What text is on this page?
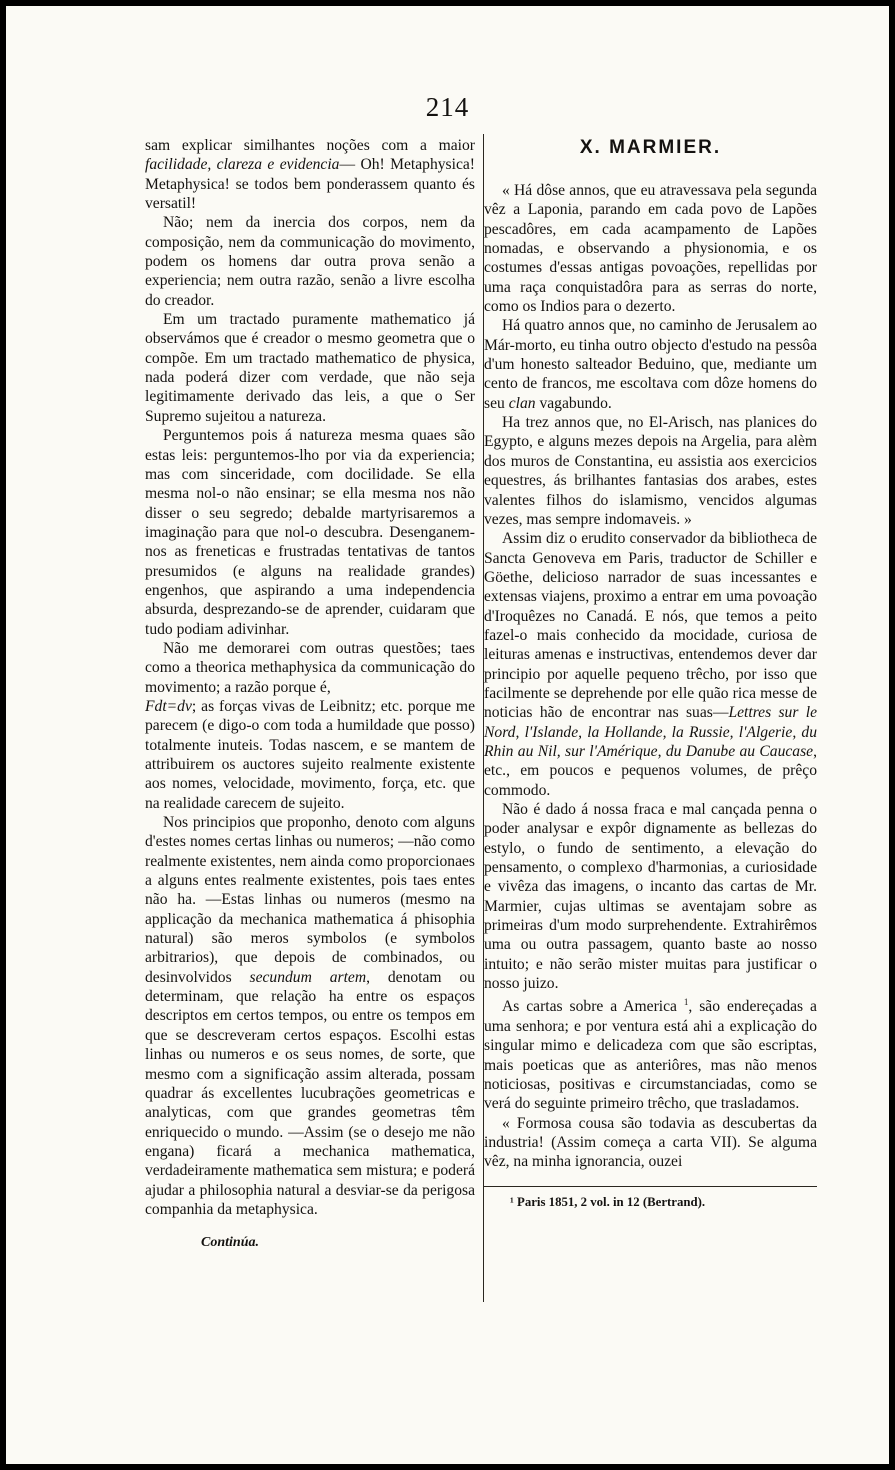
214

sam explicar similhantes noções com a maior facilidade, clareza e evidencia— Oh! Metaphysica! Metaphysica! se todos bem ponderassem quanto és versatil!

Não; nem da inercia dos corpos, nem da composição, nem da communicação do movimento, podem os homens dar outra prova senão a experiencia; nem outra razão, senão a livre escolha do creador.

Em um tractado puramente mathematico já observámos que é creador o mesmo geometra que o compõe. Em um tractado mathematico de physica, nada poderá dizer com verdade, que não seja legitimamente derivado das leis, a que o Ser Supremo sujeitou a natureza.

Perguntemos pois á natureza mesma quaes são estas leis: perguntemos-lho por via da experiencia; mas com sinceridade, com docilidade. Se ella mesma nol-o não ensinar; se ella mesma nos não disser o seu segredo; debalde martyrisaremos a imaginação para que nol-o descubra. Desenganem-nos as freneticas e frustradas tentativas de tantos presumidos (e alguns na realidade grandes) engenhos, que aspirando a uma independencia absurda, desprezando-se de aprender, cuidaram que tudo podiam adivinhar.

Não me demorarei com outras questões; taes como a theorica methaphysica da communicação do movimento; a razão porque é,
Fdt=dv; as forças vivas de Leibnitz; etc. porque me parecem (e digo-o com toda a humildade que posso) totalmente inuteis. Todas nascem, e se mantem de attribuirem os auctores sujeito realmente existente aos nomes, velocidade, movimento, força, etc. que na realidade carecem de sujeito.

Nos principios que proponho, denoto com alguns d'estes nomes certas linhas ou numeros; —não como realmente existentes, nem ainda como proporcionaes a alguns entes realmente existentes, pois taes entes não ha. —Estas linhas ou numeros (mesmo na applicação da mechanica mathematica á phisophia natural) são meros symbolos (e symbolos arbitrarios), que depois de combinados, ou desinvolvidos secundum artem, denotam ou determinam, que relação ha entre os espaços descriptos em certos tempos, ou entre os tempos em que se descreveram certos espaços. Escolhi estas linhas ou numeros e os seus nomes, de sorte, que mesmo com a significação assim alterada, possam quadrar ás excellentes lucubrações geometricas e analyticas, com que grandes geometras têm enriquecido o mundo. —Assim (se o desejo me não engana) ficará a mechanica mathematica, verdadeiramente mathematica sem mistura; e poderá ajudar a philosophia natural a desviar-se da perigosa companhia da metaphysica.

Continúa.
X. MARMIER.

« Há dôse annos, que eu atravessava pela segunda vêz a Laponia, parando em cada povo de Lapões pescadôres, em cada acampamento de Lapões nomadas, e observando a physionomia, e os costumes d'essas antigas povoações, repellidas por uma raça conquistadôra para as serras do norte, como os Indios para o dezerto.

Há quatro annos que, no caminho de Jerusalem ao Már-morto, eu tinha outro objecto d'estudo na pessôa d'um honesto salteador Beduino, que, mediante um cento de francos, me escoltava com dôze homens do seu clan vagabundo.

Ha trez annos que, no El-Arisch, nas planices do Egypto, e alguns mezes depois na Argelia, para alèm dos muros de Constantina, eu assistia aos exercicios equestres, ás brilhantes fantasias dos arabes, estes valentes filhos do islamismo, vencidos algumas vezes, mas sempre indomaveis. »

Assim diz o erudito conservador da bibliotheca de Sancta Genoveva em Paris, traductor de Schiller e Göethe, delicioso narrador de suas incessantes e extensas viajens, proximo a entrar em uma povoação d'Iroquêzes no Canadá. E nós, que temos a peito fazel-o mais conhecido da mocidade, curiosa de leituras amenas e instructivas, entendemos dever dar principio por aquelle pequeno trêcho, por isso que facilmente se deprehende por elle quão rica messe de noticias hão de encontrar nas suas—Lettres sur le Nord, l'Islande, la Hollande, la Russie, l'Algerie, du Rhin au Nil, sur l'Amérique, du Danube au Caucase, etc., em poucos e pequenos volumes, de prêço commodo.

Não é dado á nossa fraca e mal cançada penna o poder analysar e expôr dignamente as bellezas do estylo, o fundo de sentimento, a elevação do pensamento, o complexo d'harmonias, a curiosidade e vivêza das imagens, o incanto das cartas de Mr. Marmier, cujas ultimas se aventajam sobre as primeiras d'um modo surprehendente. Extrahirêmos uma ou outra passagem, quanto baste ao nosso intuito; e não serão mister muitas para justificar o nosso juizo.

As cartas sobre a America $^1$, são endereçadas a uma senhora; e por ventura está ahi a explicação do singular mimo e delicadeza com que são escriptas, mais poeticas que as anteriôres, mas não menos noticiosas, positivas e circumstanciadas, como se verá do seguinte primeiro trêcho, que trasladamos.

« Formosa cousa são todavia as descubertas da industria! (Assim começa a carta VII). Se alguma vêz, na minha ignorancia, ouzei

¹ Paris 1851, 2 vol. in 12 (Bertrand).
